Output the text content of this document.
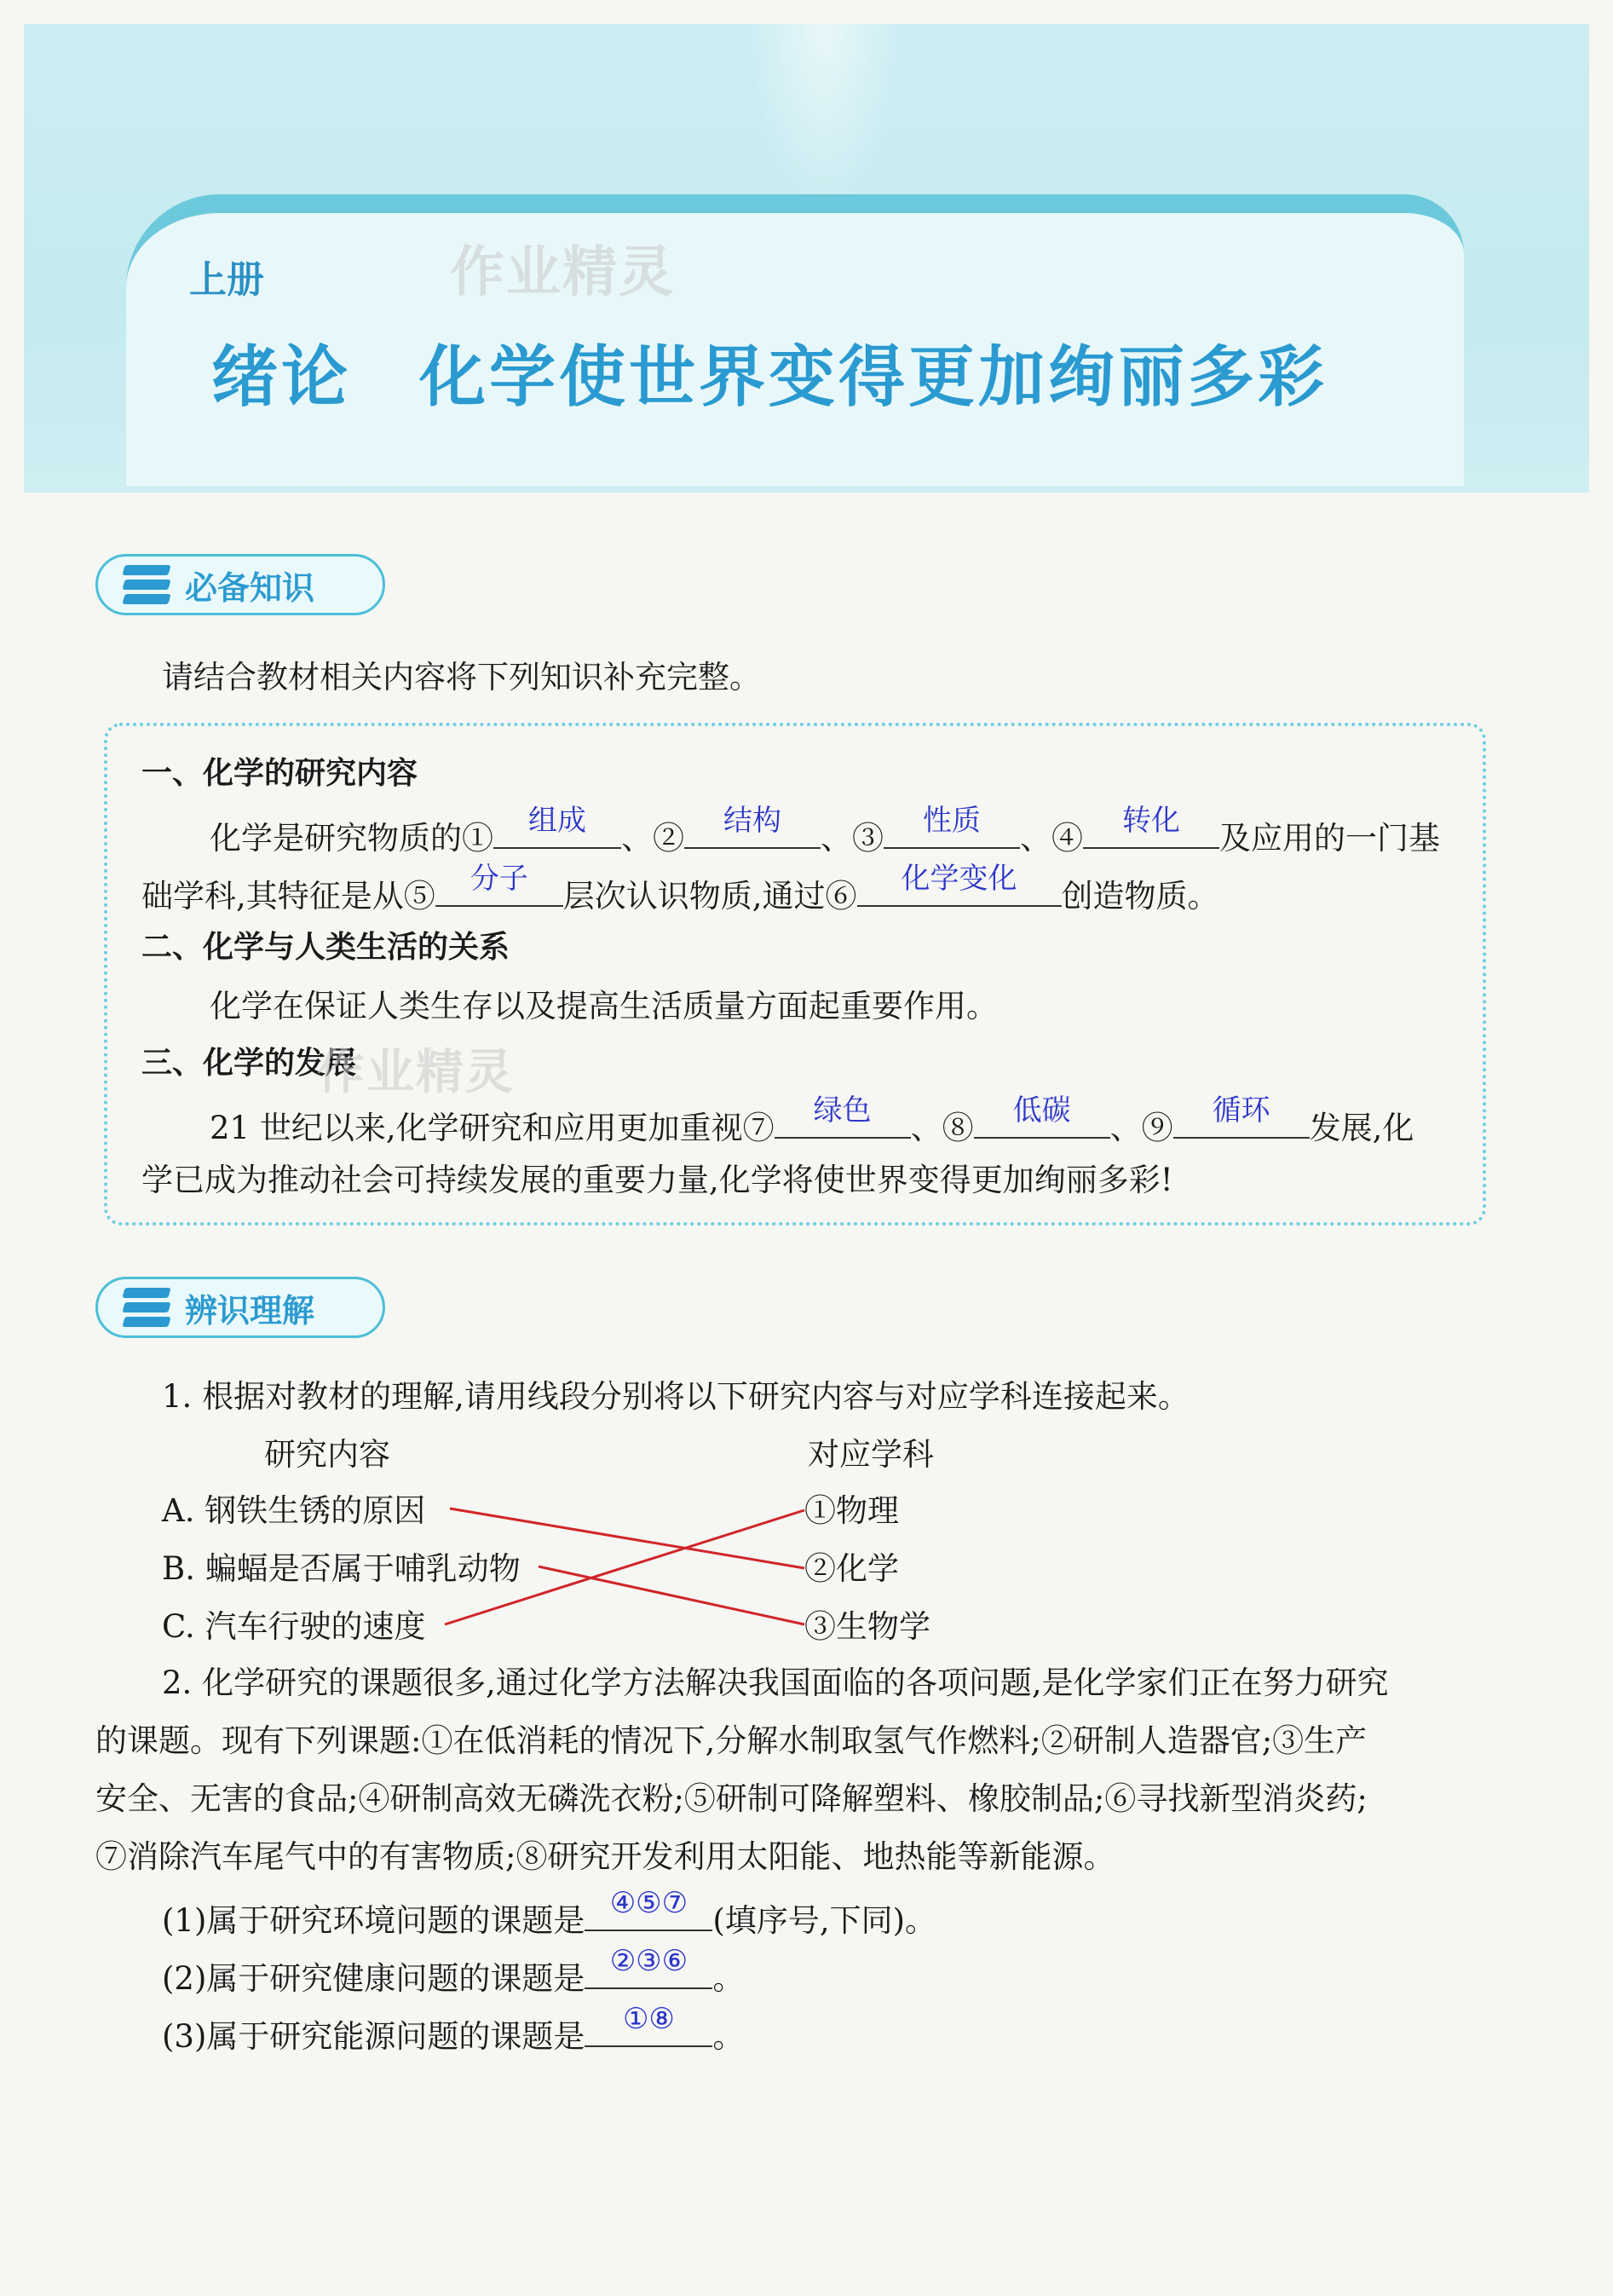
上册
绪论 化学使世界变得更加绚丽多彩
作业精灵
必备知识
请结合教材相关内容将下列知识补充完整。
一、化学的研究内容
化学是研究物质的①	组成	、②	结构	、③	性质	、④	转化	及应用的一门基
础学科,其特征是从⑤	分子	层次认识物质,通过⑥	化学变化	创造物质。
二、化学与人类生活的关系
化学在保证人类生存以及提高生活质量方面起重要作用。
三、化学的发展
作业精灵
21 世纪以来,化学研究和应用更加重视⑦	绿色	、⑧	低碳	、⑨	循环	发展,化
学已成为推动社会可持续发展的重要力量,化学将使世界变得更加绚丽多彩!
辨识理解
1. 根据对教材的理解,请用线段分别将以下研究内容与对应学科连接起来。
研究内容	对应学科
A. 钢铁生锈的原因
B. 蝙蝠是否属于哺乳动物
C. 汽车行驶的速度
①物理
②化学
③生物学
2. 化学研究的课题很多,通过化学方法解决我国面临的各项问题,是化学家们正在努力研究
的课题。现有下列课题:①在低消耗的情况下,分解水制取氢气作燃料;②研制人造器官;③生产
安全、无害的食品;④研制高效无磷洗衣粉;⑤研制可降解塑料、橡胶制品;⑥寻找新型消炎药;
⑦消除汽车尾气中的有害物质;⑧研究开发利用太阳能、地热能等新能源。
(1)属于研究环境问题的课题是 ④⑤⑦ (填序号,下同)。
(2)属于研究健康问题的课题是 ②③⑥ 。
(3)属于研究能源问题的课题是	①⑧	。
